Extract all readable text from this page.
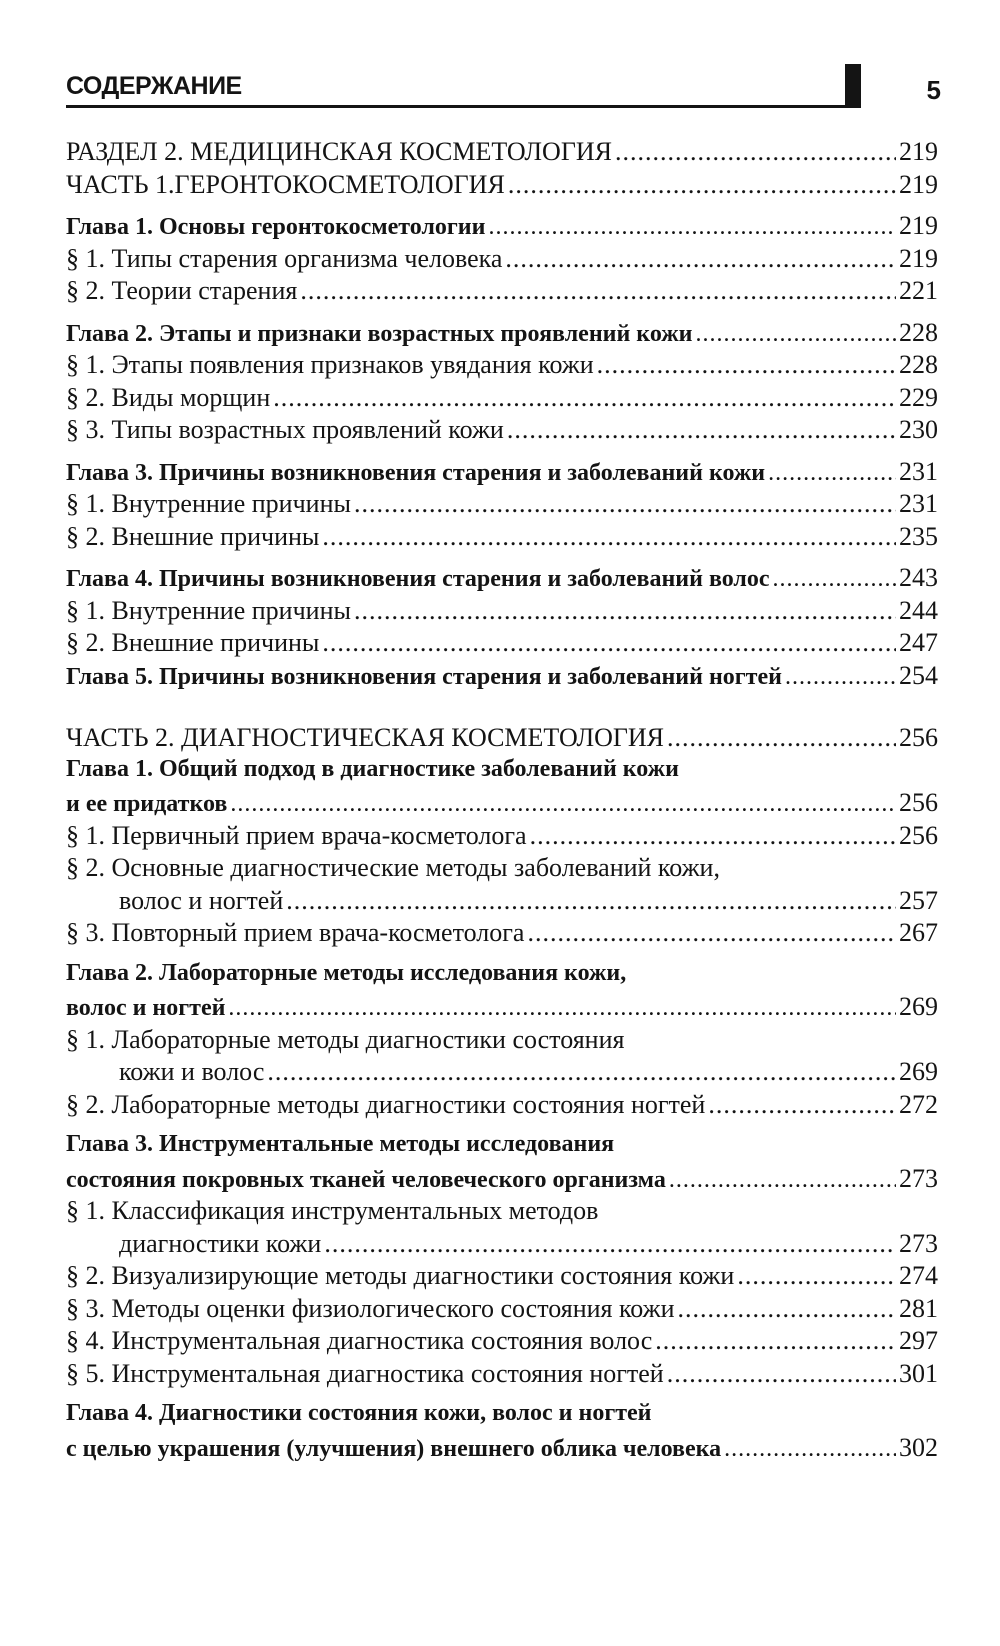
СОДЕРЖАНИЕ	5
РАЗДЕЛ 2. МЕДИЦИНСКАЯ КОСМЕТОЛОГИЯ .....	219
ЧАСТЬ 1.ГЕРОНТОКОСМЕТОЛОГИЯ .....	219
Глава 1. Основы геронтокосметологии .....	219
§ 1. Типы старения организма человека .....	219
§ 2. Теории старения .....	221
Глава 2. Этапы и признаки возрастных проявлений кожи .....	228
§ 1. Этапы появления признаков увядания кожи .....	228
§ 2. Виды морщин .....	229
§ 3. Типы возрастных проявлений кожи .....	230
Глава 3. Причины возникновения старения и заболеваний кожи .....	231
§ 1. Внутренние причины .....	231
§ 2. Внешние причины .....	235
Глава 4. Причины возникновения старения и заболеваний волос .....	243
§ 1. Внутренние причины .....	244
§ 2. Внешние причины .....	247
Глава 5. Причины возникновения старения и заболеваний ногтей .....	254
ЧАСТЬ 2. ДИАГНОСТИЧЕСКАЯ КОСМЕТОЛОГИЯ .....	256
Глава 1. Общий подход в диагностике заболеваний кожи
и ее придатков .....	256
§ 1. Первичный прием врача-косметолога .....	256
§ 2. Основные диагностические методы заболеваний кожи,
волос и ногтей .....	257
§ 3. Повторный прием врача-косметолога .....	267
Глава 2. Лабораторные методы исследования кожи,
волос и ногтей .....	269
§ 1. Лабораторные методы диагностики состояния
кожи и волос .....	269
§ 2. Лабораторные методы диагностики состояния ногтей .....	272
Глава 3. Инструментальные методы исследования
состояния покровных тканей человеческого организма .....	273
§ 1. Классификация инструментальных методов
диагностики кожи .....	273
§ 2. Визуализирующие методы диагностики состояния кожи .....	274
§ 3. Методы оценки физиологического состояния кожи .....	281
§ 4. Инструментальная диагностика состояния волос .....	297
§ 5. Инструментальная диагностика состояния ногтей .....	301
Глава 4. Диагностики состояния кожи, волос и ногтей
с целью украшения (улучшения) внешнего облика человека .....	302
